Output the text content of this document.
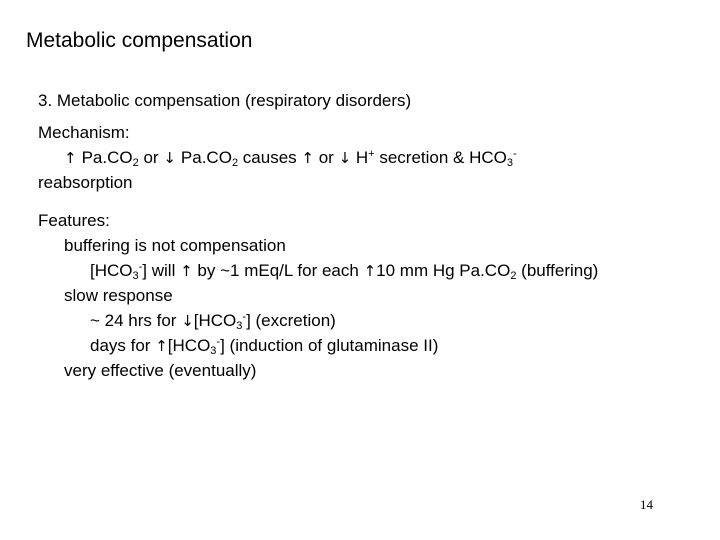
Metabolic compensation
3. Metabolic compensation (respiratory disorders)
Mechanism:
↑ $Pa.CO_2$ or ↓ $Pa.CO_2$ causes ↑ or ↓ H+ secretion & $HCO_3^-$
reabsorption
Features:
buffering is not compensation
$[HCO_3^-]$ will ↑ by ~1 mEq/L for each ↑10 mm Hg $Pa.CO_2$ (buffering)
slow response
~ 24 hrs for $↓[HCO_3^-]$ (excretion)
days for $↑[HCO_3^-]$ (induction of glutaminase II)
very effective (eventually)
14
